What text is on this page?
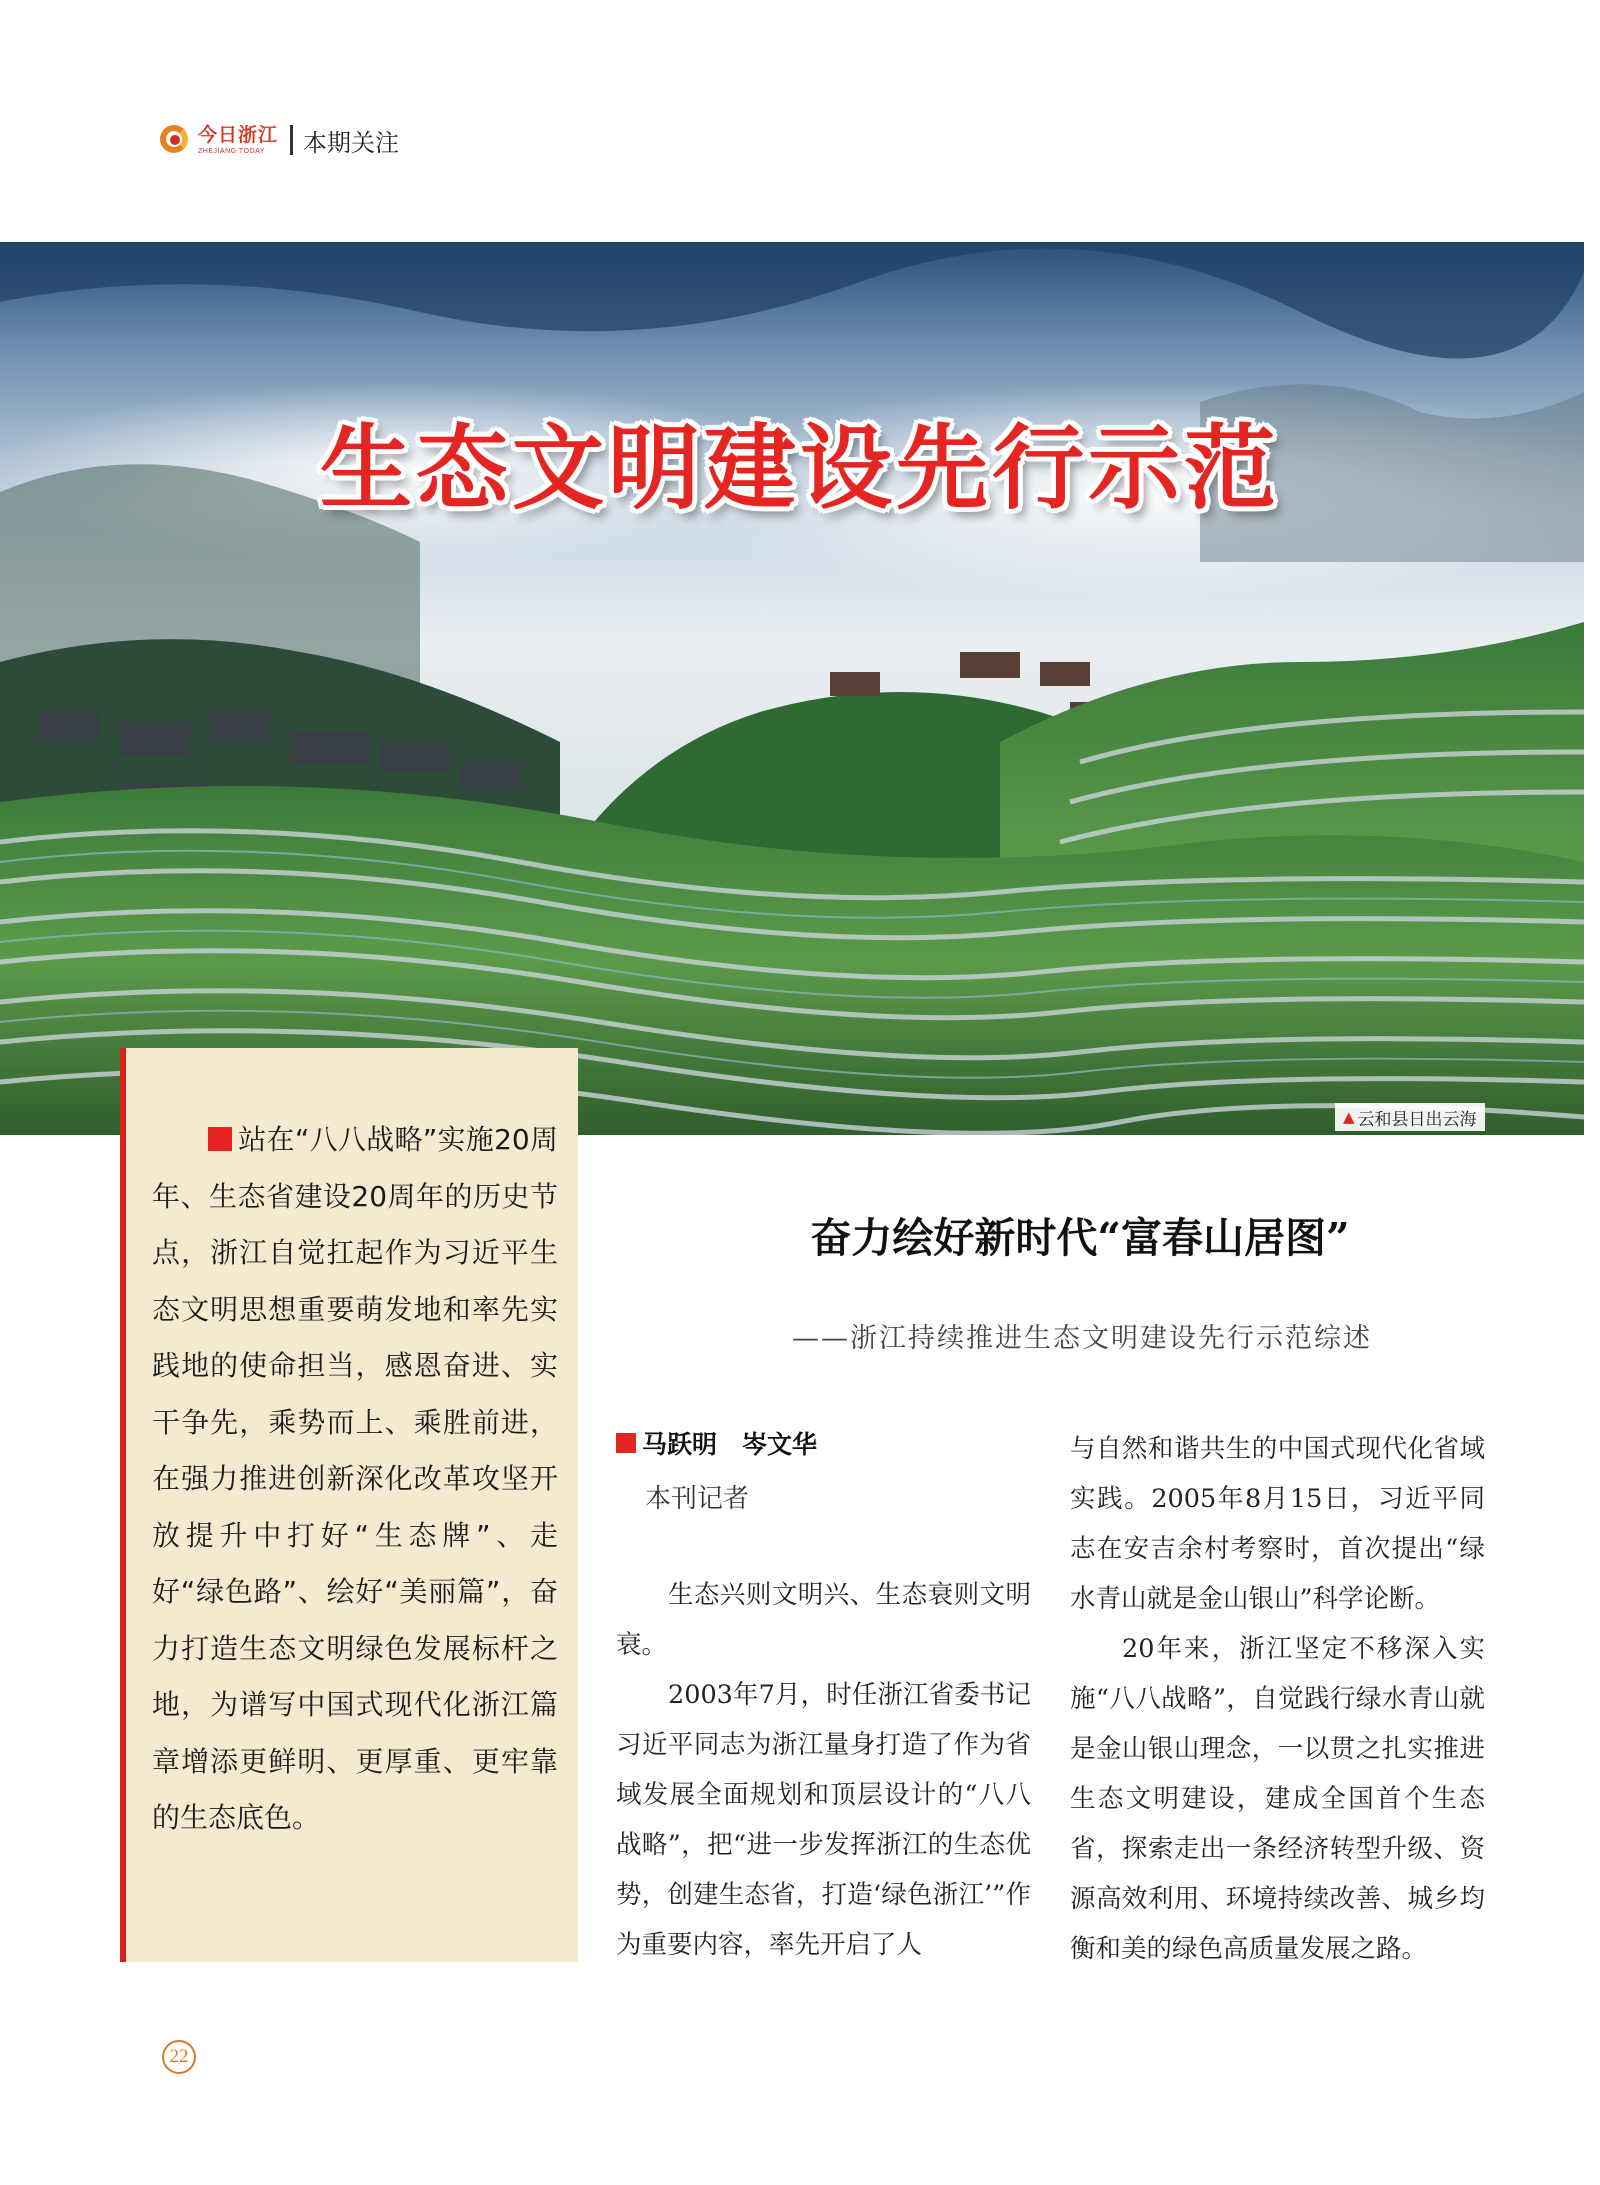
今日浙江
ZHEJIANG TODAY	本期关注
生态文明建设先行示范
▲ 云和县日出云海
站在“八八战略”实施20周年、生态省建设20周年的历史节点，浙江自觉扛起作为习近平生态文明思想重要萌发地和率先实践地的使命担当，感恩奋进、实干争先，乘势而上、乘胜前进，在强力推进创新深化改革攻坚开放提升中打好“生态牌”、走好“绿色路”、绘好“美丽篇”，奋力打造生态文明绿色发展标杆之地，为谱写中国式现代化浙江篇章增添更鲜明、更厚重、更牢靠的生态底色。
奋力绘好新时代“富春山居图”
——浙江持续推进生态文明建设先行示范综述
马跃明　岑文华
本刊记者

生态兴则文明兴、生态衰则文明衰。

2003年7月，时任浙江省委书记习近平同志为浙江量身打造了作为省域发展全面规划和顶层设计的“八八战略”，把“进一步发挥浙江的生态优势，创建生态省，打造‘绿色浙江’”作为重要内容，率先开启了人

与自然和谐共生的中国式现代化省域实践。2005年8月15日，习近平同志在安吉余村考察时，首次提出“绿水青山就是金山银山”科学论断。

20年来，浙江坚定不移深入实施“八八战略”，自觉践行绿水青山就是金山银山理念，一以贯之扎实推进生态文明建设，建成全国首个生态省，探索走出一条经济转型升级、资源高效利用、环境持续改善、城乡均衡和美的绿色高质量发展之路。

22
